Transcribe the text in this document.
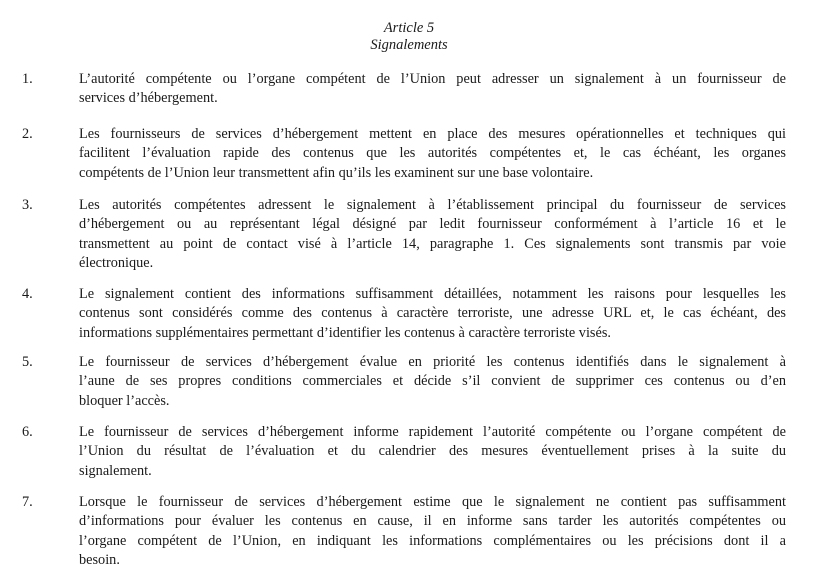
Article 5
Signalements
1.	L’autorité compétente ou l’organe compétent de l’Union peut adresser un signalement à un fournisseur de
services d’hébergement.
2.	Les fournisseurs de services d’hébergement mettent en place des mesures opérationnelles et techniques qui
facilitent l’évaluation rapide des contenus que les autorités compétentes et, le cas échéant, les organes
compétents de l’Union leur transmettent afin qu’ils les examinent sur une base volontaire.
3.	Les autorités compétentes adressent le signalement à l’établissement principal du fournisseur de services
d’hébergement ou au représentant légal désigné par ledit fournisseur conformément à l’article 16 et le
transmettent au point de contact visé à l’article 14, paragraphe 1. Ces signalements sont transmis par voie
électronique.
4.	Le signalement contient des informations suffisamment détaillées, notamment les raisons pour lesquelles les
contenus sont considérés comme des contenus à caractère terroriste, une adresse URL et, le cas échéant, des
informations supplémentaires permettant d’identifier les contenus à caractère terroriste visés.
5.	Le fournisseur de services d’hébergement évalue en priorité les contenus identifiés dans le signalement à
l’aune de ses propres conditions commerciales et décide s’il convient de supprimer ces contenus ou d’en
bloquer l’accès.
6.	Le fournisseur de services d’hébergement informe rapidement l’autorité compétente ou l’organe compétent de
l’Union du résultat de l’évaluation et du calendrier des mesures éventuellement prises à la suite du
signalement.
7.	Lorsque le fournisseur de services d’hébergement estime que le signalement ne contient pas suffisamment
d’informations pour évaluer les contenus en cause, il en informe sans tarder les autorités compétentes ou
l’organe compétent de l’Union, en indiquant les informations complémentaires ou les précisions dont il a
besoin.
